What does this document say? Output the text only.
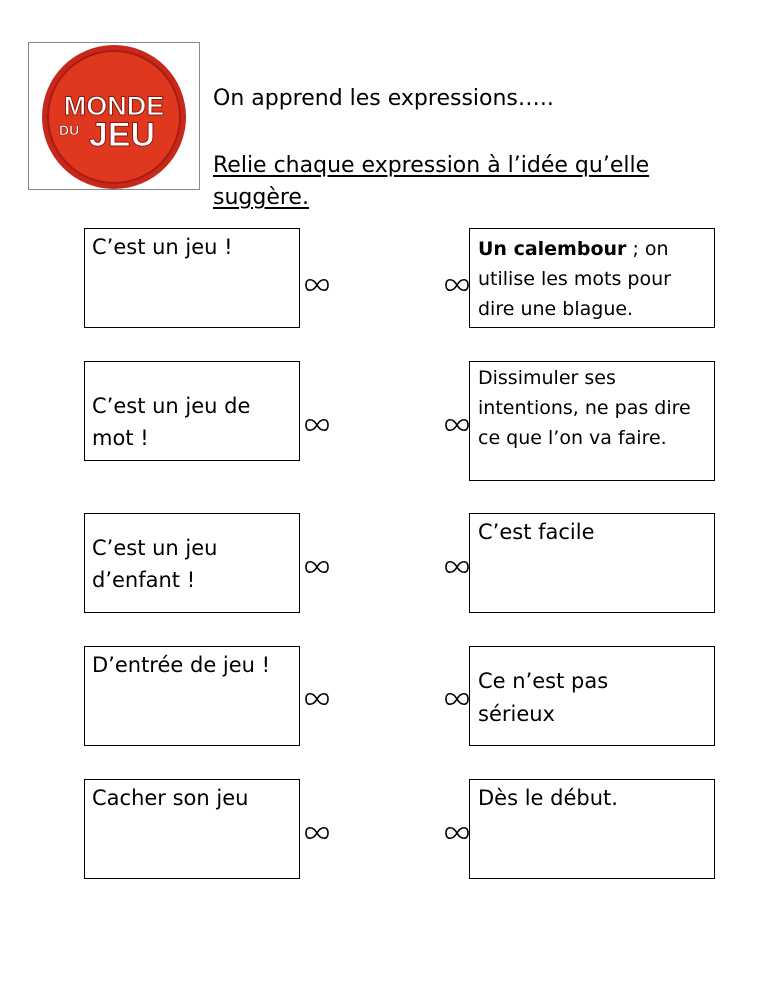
MONDE
DU JEU
On apprend les expressions…..
Relie chaque expression à l’idée qu’elle suggère.
C’est un jeu !
C’est un jeu de mot !
C’est un jeu d’enfant !
D’entrée de jeu !
Cacher son jeu
Un calembour ; on utilise les mots pour dire une blague.
Dissimuler ses intentions, ne pas dire ce que l’on va faire.
C’est facile
Ce n’est pas sérieux
Dès le début.
